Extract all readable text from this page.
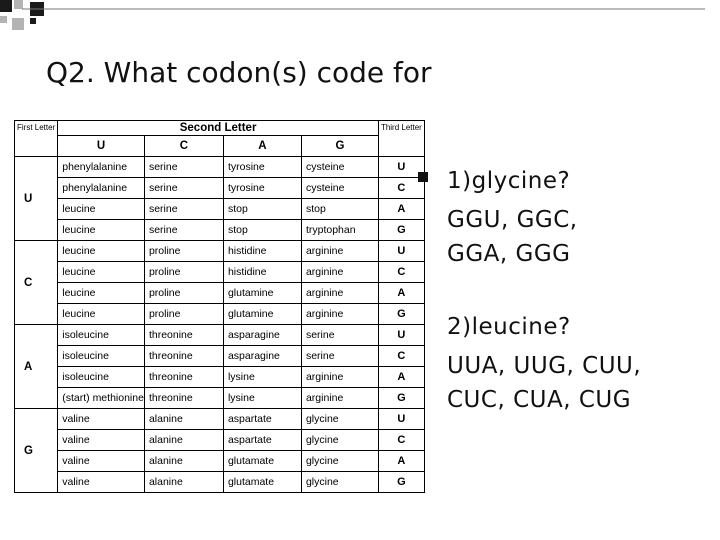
Q2. What codon(s) code for
First Letter	Second Letter				Third Letter
	U	C	A	G	
U	phenylalanine	serine	tyrosine	cysteine	U
	phenylalanine	serine	tyrosine	cysteine	C
	leucine	serine	stop	stop	A
	leucine	serine	stop	tryptophan	G
C	leucine	proline	histidine	arginine	U
	leucine	proline	histidine	arginine	C
	leucine	proline	glutamine	arginine	A
	leucine	proline	glutamine	arginine	G
A	isoleucine	threonine	asparagine	serine	U
	isoleucine	threonine	asparagine	serine	C
	isoleucine	threonine	lysine	arginine	A
	(start) methionine	threonine	lysine	arginine	G
G	valine	alanine	aspartate	glycine	U
	valine	alanine	aspartate	glycine	C
	valine	alanine	glutamate	glycine	A
	valine	alanine	glutamate	glycine	G
1)glycine?
GGU, GGC,
GGA, GGG
2)leucine?
UUA, UUG, CUU,
CUC, CUA, CUG
